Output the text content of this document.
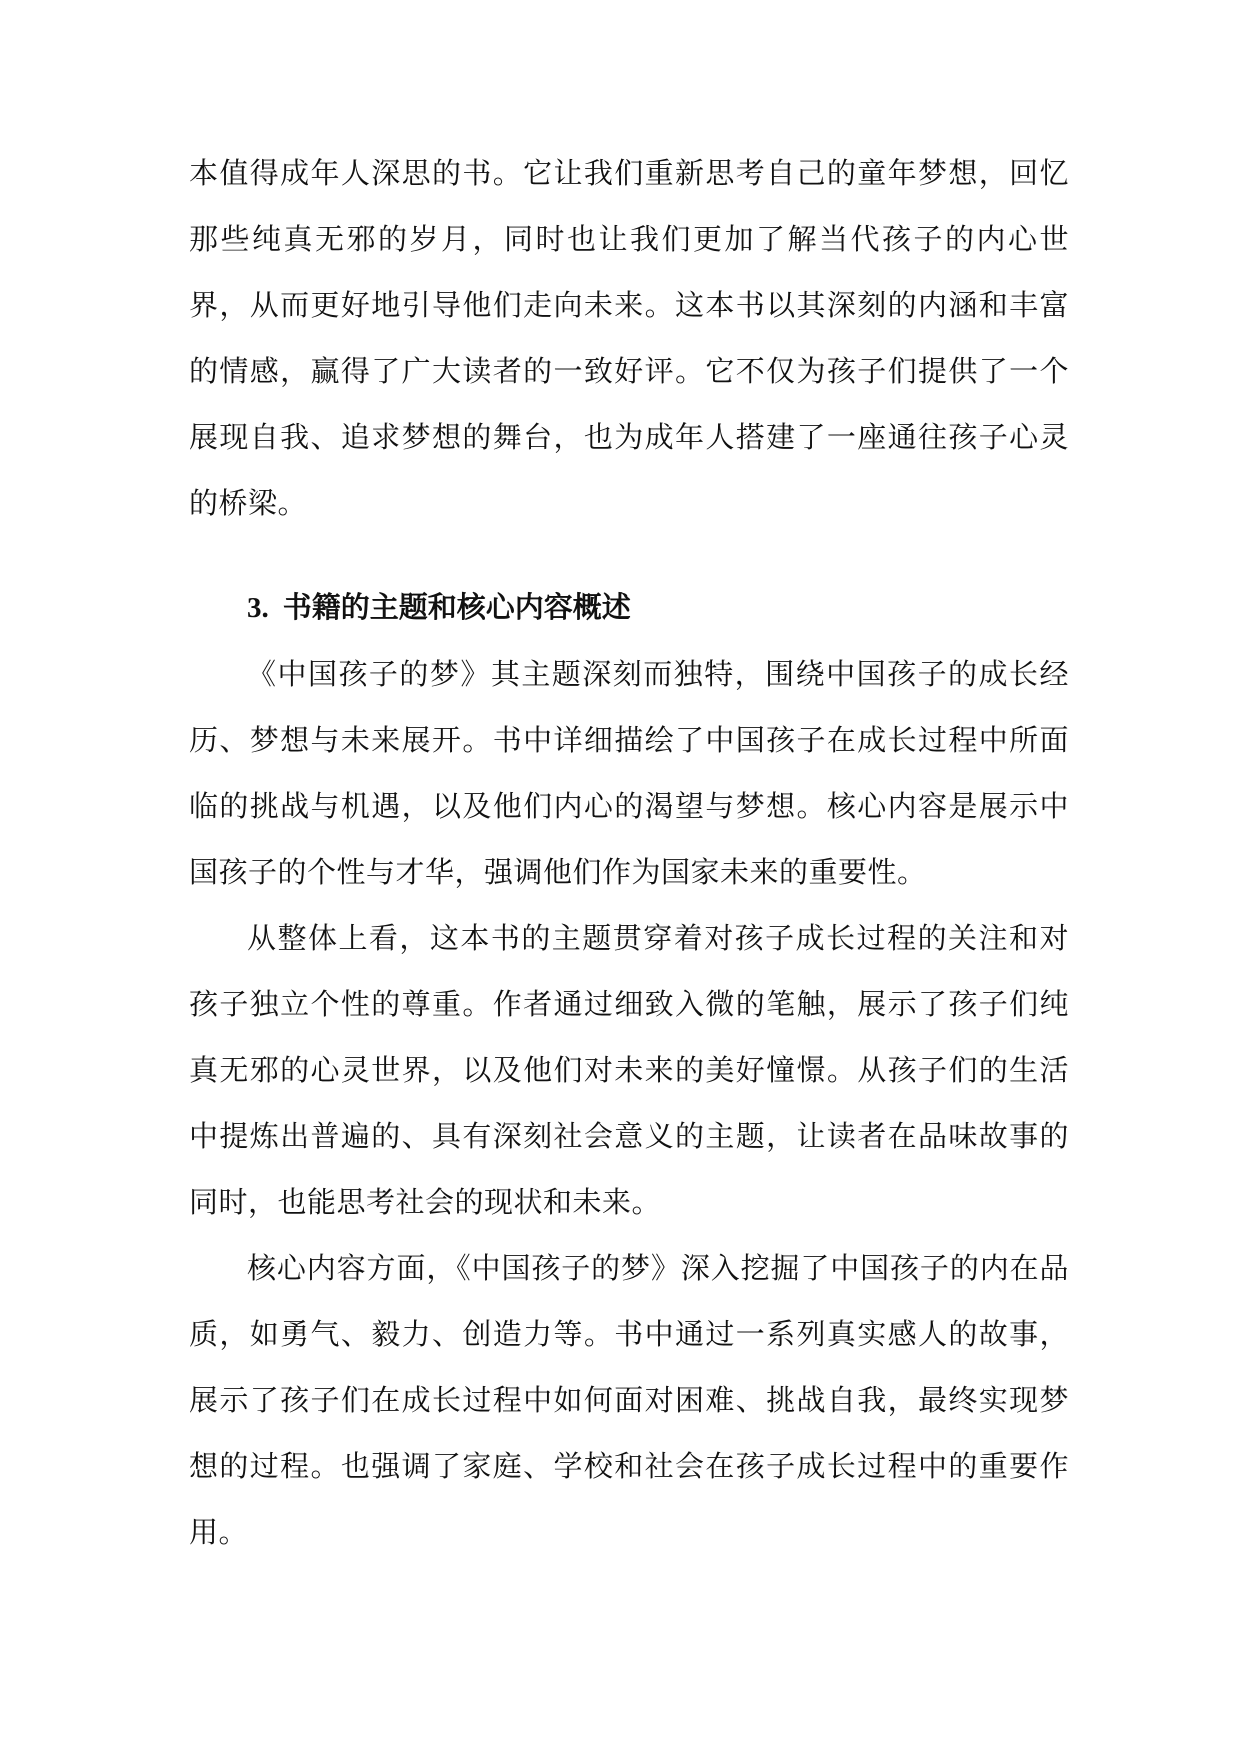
本值得成年人深思的书。它让我们重新思考自己的童年梦想，回忆那些纯真无邪的岁月，同时也让我们更加了解当代孩子的内心世界，从而更好地引导他们走向未来。这本书以其深刻的内涵和丰富的情感，赢得了广大读者的一致好评。它不仅为孩子们提供了一个展现自我、追求梦想的舞台，也为成年人搭建了一座通往孩子心灵的桥梁。

3. 书籍的主题和核心内容概述

《中国孩子的梦》其主题深刻而独特，围绕中国孩子的成长经历、梦想与未来展开。书中详细描绘了中国孩子在成长过程中所面临的挑战与机遇，以及他们内心的渴望与梦想。核心内容是展示中国孩子的个性与才华，强调他们作为国家未来的重要性。

从整体上看，这本书的主题贯穿着对孩子成长过程的关注和对孩子独立个性的尊重。作者通过细致入微的笔触，展示了孩子们纯真无邪的心灵世界，以及他们对未来的美好憧憬。从孩子们的生活中提炼出普遍的、具有深刻社会意义的主题，让读者在品味故事的同时，也能思考社会的现状和未来。

核心内容方面，《中国孩子的梦》深入挖掘了中国孩子的内在品质，如勇气、毅力、创造力等。书中通过一系列真实感人的故事，展示了孩子们在成长过程中如何面对困难、挑战自我，最终实现梦想的过程。也强调了家庭、学校和社会在孩子成长过程中的重要作用。
